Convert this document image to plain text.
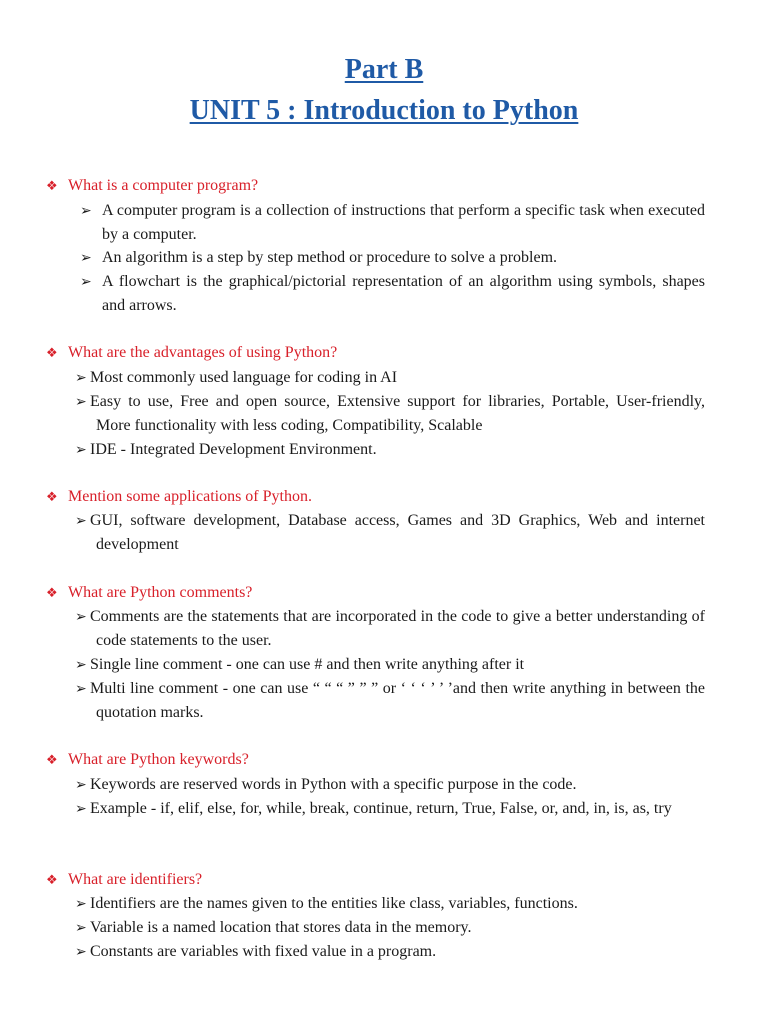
Part B
UNIT 5 : Introduction to Python
❖ What is a computer program?
➢ A computer program is a collection of instructions that perform a specific task when executed by a computer.
➢ An algorithm is a step by step method or procedure to solve a problem.
➢ A flowchart is the graphical/pictorial representation of an algorithm using symbols, shapes and arrows.
❖ What are the advantages of using Python?
➢ Most commonly used language for coding in AI
➢ Easy to use, Free and open source, Extensive support for libraries, Portable, User-friendly, More functionality with less coding, Compatibility, Scalable
➢ IDE - Integrated Development Environment.
❖ Mention some applications of Python.
➢ GUI, software development, Database access, Games and 3D Graphics, Web and internet development
❖ What are Python comments?
➢ Comments are the statements that are incorporated in the code to give a better understanding of code statements to the user.
➢ Single line comment - one can use # and then write anything after it
➢ Multi line comment - one can use “ “ “ ” ” ” or ‘ ‘ ‘ ’ ’ ’and then write anything in between the quotation marks.
❖ What are Python keywords?
➢ Keywords are reserved words in Python with a specific purpose in the code.
➢ Example - if, elif, else, for, while, break, continue, return, True, False, or, and, in, is, as, try
❖ What are identifiers?
➢ Identifiers are the names given to the entities like class, variables, functions.
➢ Variable is a named location that stores data in the memory.
➢ Constants are variables with fixed value in a program.
